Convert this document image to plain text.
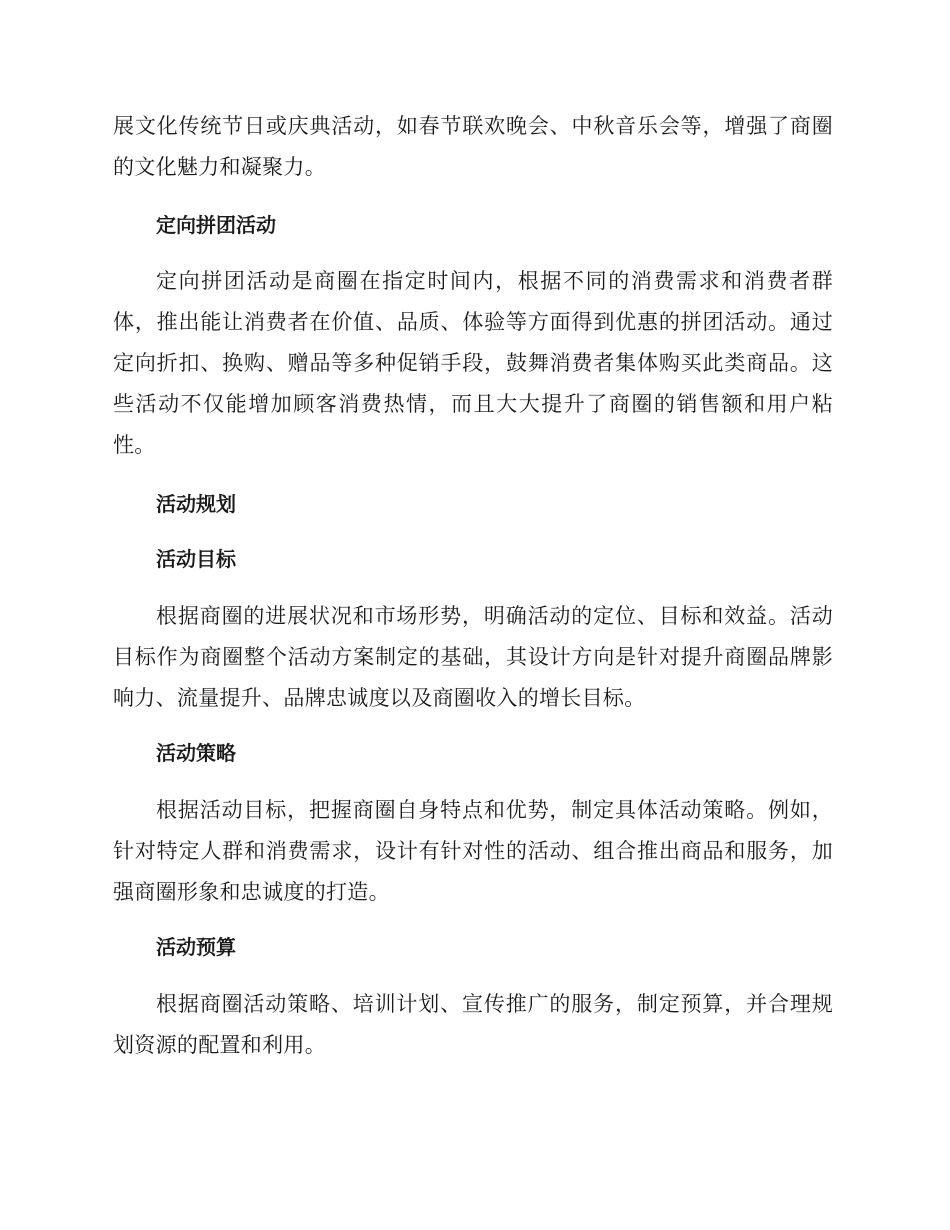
展文化传统节日或庆典活动，如春节联欢晚会、中秋音乐会等，增强了商圈的文化魅力和凝聚力。

定向拼团活动

定向拼团活动是商圈在指定时间内，根据不同的消费需求和消费者群体，推出能让消费者在价值、品质、体验等方面得到优惠的拼团活动。通过定向折扣、换购、赠品等多种促销手段，鼓舞消费者集体购买此类商品。这些活动不仅能增加顾客消费热情，而且大大提升了商圈的销售额和用户粘性。

活动规划
活动目标

根据商圈的进展状况和市场形势，明确活动的定位、目标和效益。活动目标作为商圈整个活动方案制定的基础，其设计方向是针对提升商圈品牌影响力、流量提升、品牌忠诚度以及商圈收入的增长目标。

活动策略

根据活动目标，把握商圈自身特点和优势，制定具体活动策略。例如，针对特定人群和消费需求，设计有针对性的活动、组合推出商品和服务，加强商圈形象和忠诚度的打造。

活动预算

根据商圈活动策略、培训计划、宣传推广的服务，制定预算，并合理规划资源的配置和利用。
